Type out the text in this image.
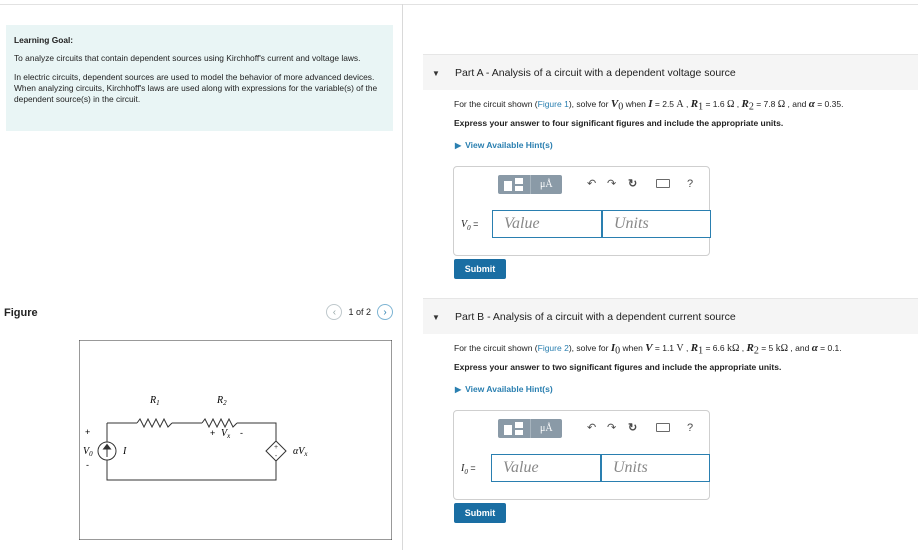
Learning Goal:

To analyze circuits that contain dependent sources using Kirchhoff's current and voltage laws.

In electric circuits, dependent sources are used to model the behavior of more advanced devices. When analyzing circuits, Kirchhoff's laws are used along with expressions for the variable(s) of the dependent source(s) in the circuit.

Figure	‹	1 of 2	›
+
-
$R_1$	$R_2$
+ $V_x$ -
+
$V_0$
-
I	$\alpha V_x$
▼ Part A - Analysis of a circuit with a dependent voltage source
For the circuit shown (Figure 1), solve for $V_0$ when I = 2.5 A , $R_1 = 1.6$ Ω , $R_2 = 7.8$ Ω , and α = 0.35.
Express your answer to four significant figures and include the appropriate units.
▶ View Available Hint(s)
μÅ	↶ ↷ ↻	?
$V_0$ =	Value	Units
Submit
▼ Part B - Analysis of a circuit with a dependent current source
For the circuit shown (Figure 2), solve for $I_0$ when V = 1.1 V , $R_1 = 6.6$ kΩ , $R_2 = 5$ kΩ , and α = 0.1.
Express your answer to two significant figures and include the appropriate units.
▶ View Available Hint(s)
μÅ	↶ ↷ ↻	?
$I_0$ =	Value	Units
Submit
